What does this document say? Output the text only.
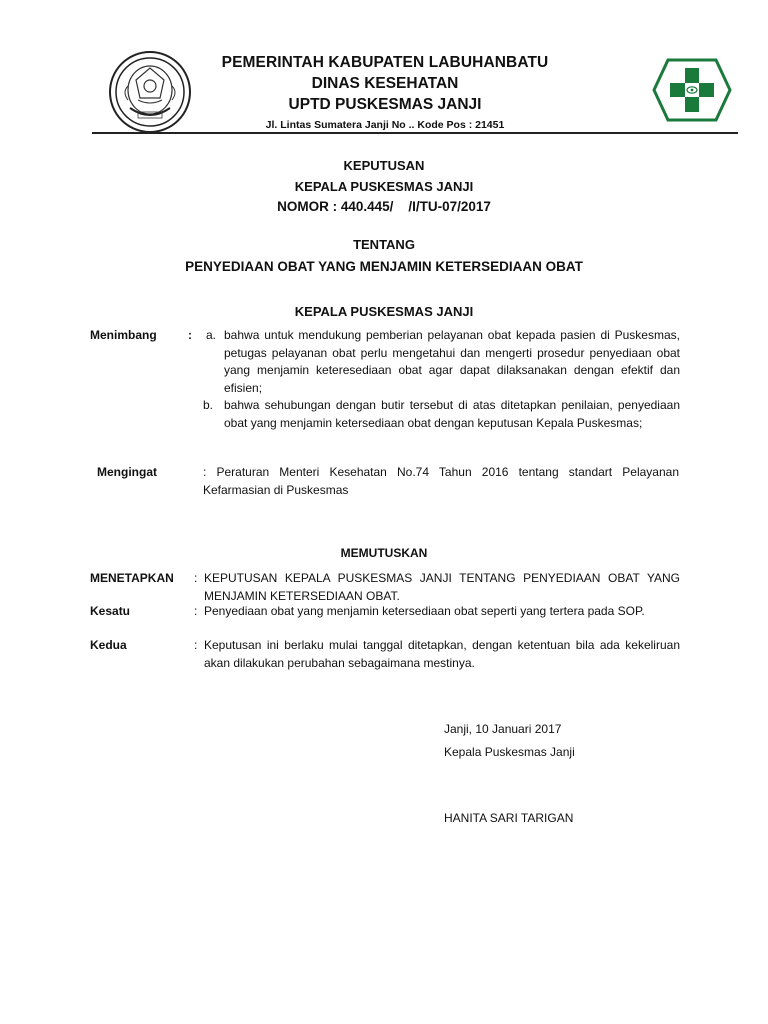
PEMERINTAH KABUPATEN LABUHANBATU
DINAS KESEHATAN
UPTD PUSKESMAS JANJI
Jl. Lintas Sumatera Janji No .. Kode Pos : 21451
KEPUTUSAN
KEPALA PUSKESMAS JANJI
NOMOR : 440.445/    /I/TU-07/2017
TENTANG
PENYEDIAAN OBAT YANG MENJAMIN KETERSEDIAAN OBAT
KEPALA PUSKESMAS JANJI
Menimbang	: a. bahwa untuk mendukung pemberian pelayanan obat kepada pasien di Puskesmas, petugas pelayanan obat perlu mengetahui dan mengerti prosedur penyediaan obat yang menjamin keteresediaan obat agar dapat dilaksanakan dengan efektif dan efisien;
b. bahwa sehubungan dengan butir tersebut di atas ditetapkan penilaian, penyediaan obat yang menjamin ketersediaan obat dengan keputusan Kepala Puskesmas;
Mengingat	: Peraturan Menteri Kesehatan No.74 Tahun 2016 tentang standart Pelayanan Kefarmasian di Puskesmas
MEMUTUSKAN
MENETAPKAN : KEPUTUSAN KEPALA PUSKESMAS JANJI TENTANG PENYEDIAAN OBAT YANG MENJAMIN KETERSEDIAAN OBAT.
Kesatu	: Penyediaan obat yang menjamin ketersediaan obat seperti yang tertera pada SOP.
Kedua	: Keputusan ini berlaku mulai tanggal ditetapkan, dengan ketentuan bila ada kekeliruan akan dilakukan perubahan sebagaimana mestinya.
Janji, 10 Januari 2017
Kepala Puskesmas Janji
HANITA SARI TARIGAN
